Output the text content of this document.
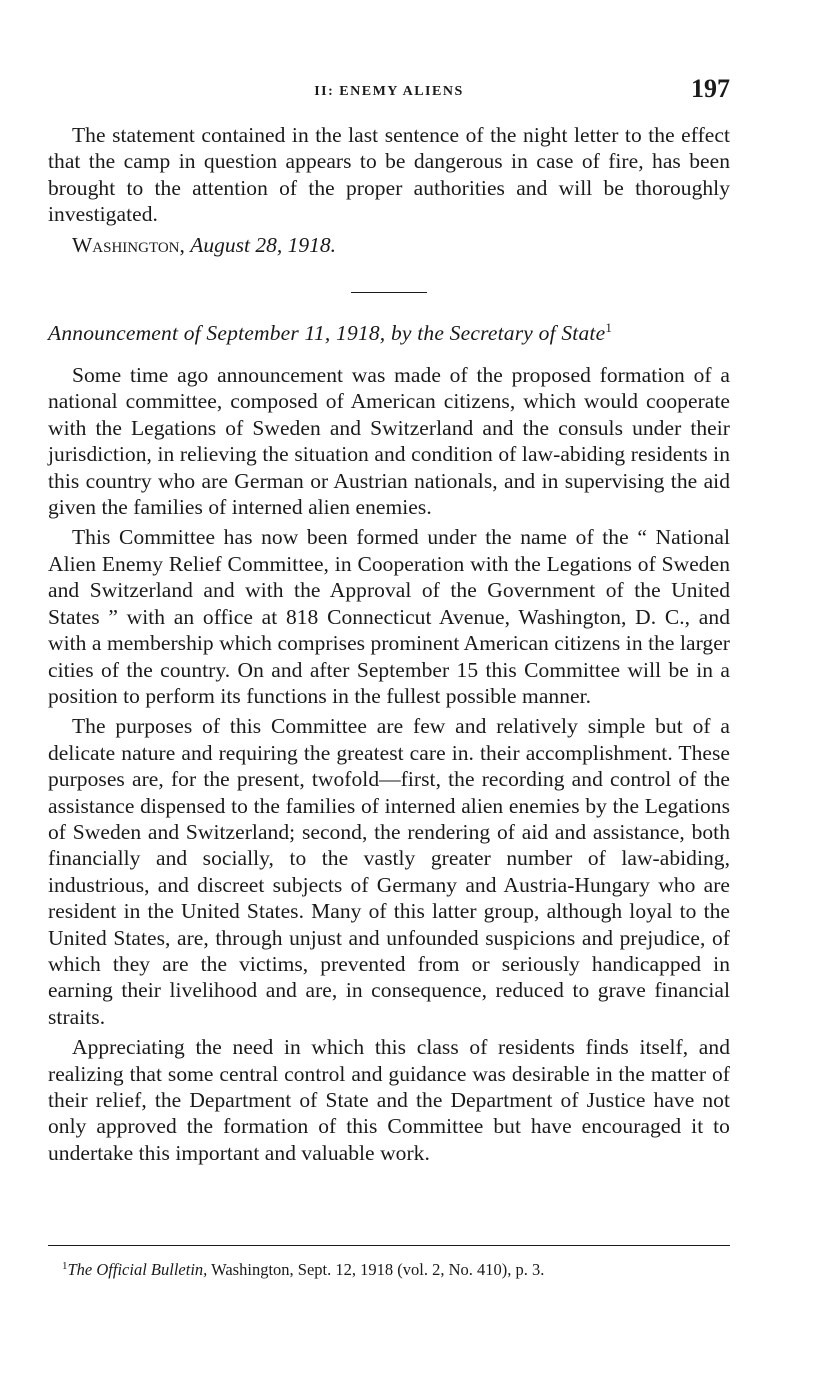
II: ENEMY ALIENS	197

The statement contained in the last sentence of the night letter to the effect that the camp in question appears to be dangerous in case of fire, has been brought to the attention of the proper authorities and will be thoroughly investigated.

Washington, August 28, 1918.

Announcement of September 11, 1918, by the Secretary of State$^1$

Some time ago announcement was made of the proposed formation of a national committee, composed of American citizens, which would cooperate with the Legations of Sweden and Switzerland and the consuls under their jurisdiction, in relieving the situation and condition of law-abiding residents in this country who are German or Austrian nationals, and in supervising the aid given the families of interned alien enemies.

This Committee has now been formed under the name of the “ National Alien Enemy Relief Committee, in Cooperation with the Legations of Sweden and Switzerland and with the Approval of the Government of the United States ” with an office at 818 Connecticut Avenue, Washington, D. C., and with a membership which comprises prominent American citizens in the larger cities of the country. On and after September 15 this Committee will be in a position to perform its functions in the fullest possible manner.

The purposes of this Committee are few and relatively simple but of a delicate nature and requiring the greatest care in. their accomplishment. These purposes are, for the present, twofold—first, the recording and control of the assistance dispensed to the families of interned alien enemies by the Legations of Sweden and Switzerland; second, the rendering of aid and assistance, both financially and socially, to the vastly greater number of law-abiding, industrious, and discreet subjects of Germany and Austria-Hungary who are resident in the United States. Many of this latter group, although loyal to the United States, are, through unjust and unfounded suspicions and prejudice, of which they are the victims, prevented from or seriously handicapped in earning their livelihood and are, in consequence, reduced to grave financial straits.

Appreciating the need in which this class of residents finds itself, and realizing that some central control and guidance was desirable in the matter of their relief, the Department of State and the Department of Justice have not only approved the formation of this Committee but have encouraged it to undertake this important and valuable work.

$^1$The Official Bulletin, Washington, Sept. 12, 1918 (vol. 2, No. 410), p. 3.
